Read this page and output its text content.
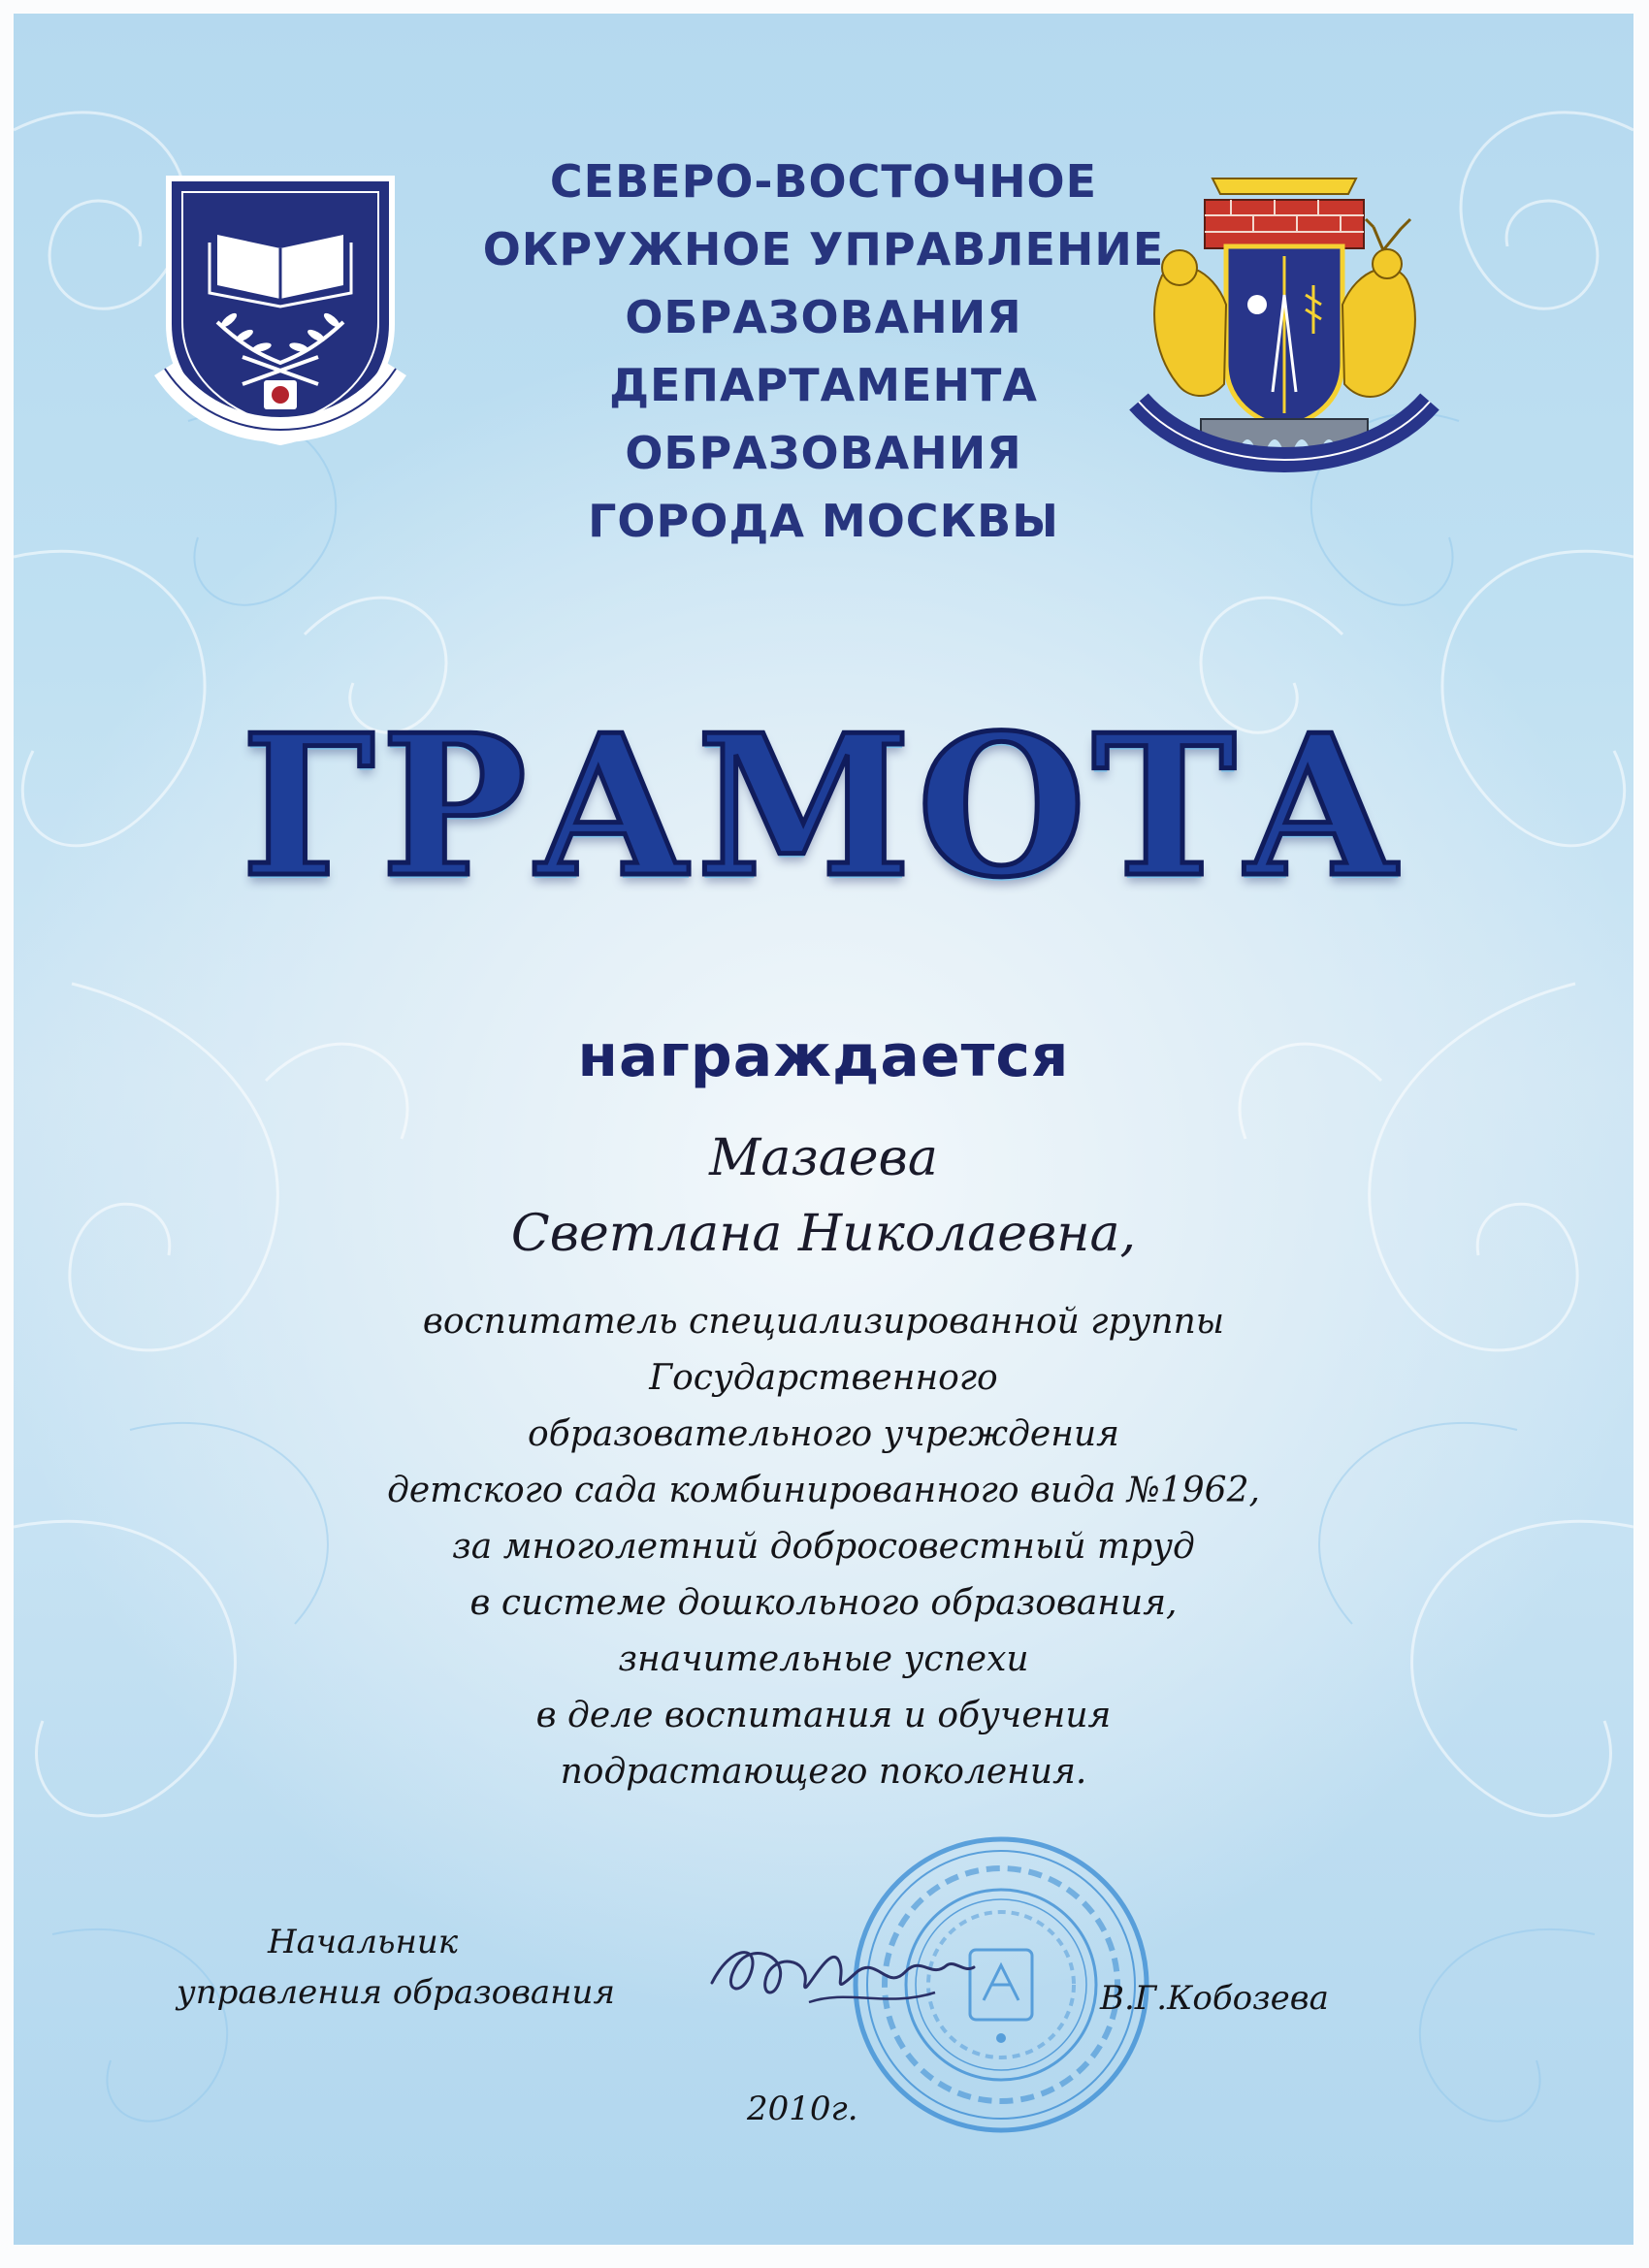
СЕВЕРО-ВОСТОЧНОЕ
ОКРУЖНОЕ УПРАВЛЕНИЕ
ОБРАЗОВАНИЯ
ДЕПАРТАМЕНТА
ОБРАЗОВАНИЯ
ГОРОДА МОСКВЫ
ГРАМОТА
награждается
Мазаева
Светлана Николаевна,
воспитатель специализированной группы
Государственного
образовательного учреждения
детского сада комбинированного вида №1962,
за многолетний добросовестный труд
в системе дошкольного образования,
значительные успехи
в деле воспитания и обучения
подрастающего поколения.
Начальник
управления образования	В.Г.Кобозева
2010г.
